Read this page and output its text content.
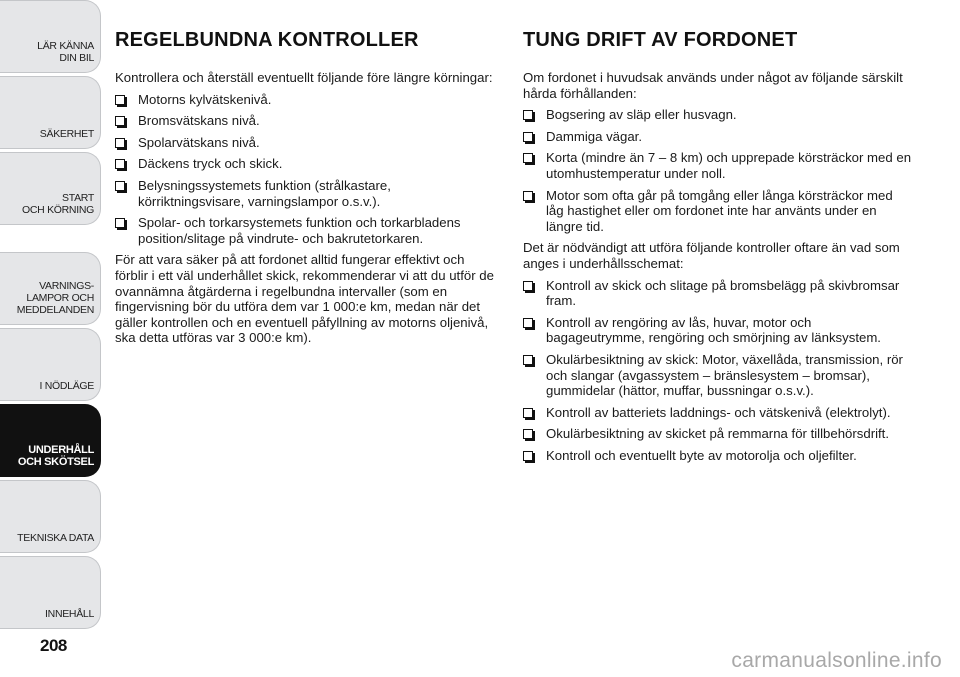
LÄR KÄNNA
DIN BIL
SÄKERHET
START
OCH KÖRNING
VARNINGS-
LAMPOR OCH
MEDDELANDEN
I NÖDLÄGE
UNDERHÅLL
OCH SKÖTSEL
TEKNISKA DATA
INNEHÅLL
208
REGELBUNDNA KONTROLLER

Kontrollera och återställ eventuellt följande före längre körningar:

Motorns kylvätskenivå.
Bromsvätskans nivå.
Spolarvätskans nivå.
Däckens tryck och skick.
Belysningssystemets funktion (strålkastare, körriktningsvisare, varningslampor o.s.v.).
Spolar- och torkarsystemets funktion och torkarbladens position/slitage på vindrute- och bakrutetorkaren.

För att vara säker på att fordonet alltid fungerar effektivt och förblir i ett väl underhållet skick, rekommenderar vi att du utför de ovannämna åtgärderna i regelbundna intervaller (som en fingervisning bör du utföra dem var 1 000:e km, medan när det gäller kontrollen och en eventuell påfyllning av motorns oljenivå, ska detta utföras var 3 000:e km).

TUNG DRIFT AV FORDONET

Om fordonet i huvudsak används under något av följande särskilt hårda förhållanden:

Bogsering av släp eller husvagn.
Dammiga vägar.
Korta (mindre än 7 – 8 km) och upprepade körsträckor med en utomhustemperatur under noll.
Motor som ofta går på tomgång eller långa körsträckor med låg hastighet eller om fordonet inte har använts under en längre tid.

Det är nödvändigt att utföra följande kontroller oftare än vad som anges i underhållsschemat:

Kontroll av skick och slitage på bromsbelägg på skivbromsar fram.
Kontroll av rengöring av lås, huvar, motor och bagageutrymme, rengöring och smörjning av länksystem.
Okulärbesiktning av skick: Motor, växellåda, transmission, rör och slangar (avgassystem – bränslesystem – bromsar), gummidelar (hättor, muffar, bussningar o.s.v.).
Kontroll av batteriets laddnings- och vätskenivå (elektrolyt).
Okulärbesiktning av skicket på remmarna för tillbehörsdrift.
Kontroll och eventuellt byte av motorolja och oljefilter.
carmanualsonline.info
